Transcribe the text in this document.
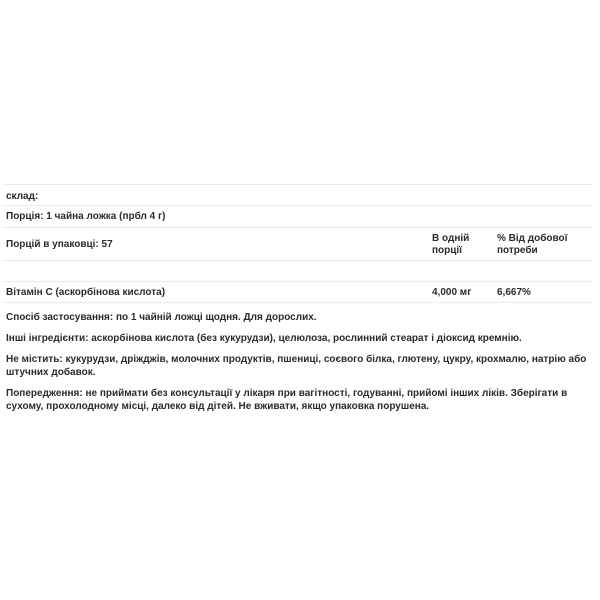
склад:
Порція: 1 чайна ложка (прбл 4 г)
Порцій в упаковці: 57
В одній порції
% Від добової потреби
Вітамін С (аскорбінова кислота)	4,000 мг	6,667%
Спосіб застосування: по 1 чайній ложці щодня. Для дорослих.
Інші інгредієнти: аскорбінова кислота (без кукурудзи), целюлоза, рослинний стеарат і діоксид кремнію.
Не містить: кукурудзи, дріжджів, молочних продуктів, пшениці, соєвого білка, глютену, цукру, крохмалю, натрію або штучних добавок.
Попередження: не приймати без консультації у лікаря при вагітності, годуванні, прийомі інших ліків. Зберігати в сухому, прохолодному місці, далеко від дітей. Не вживати, якщо упаковка порушена.
